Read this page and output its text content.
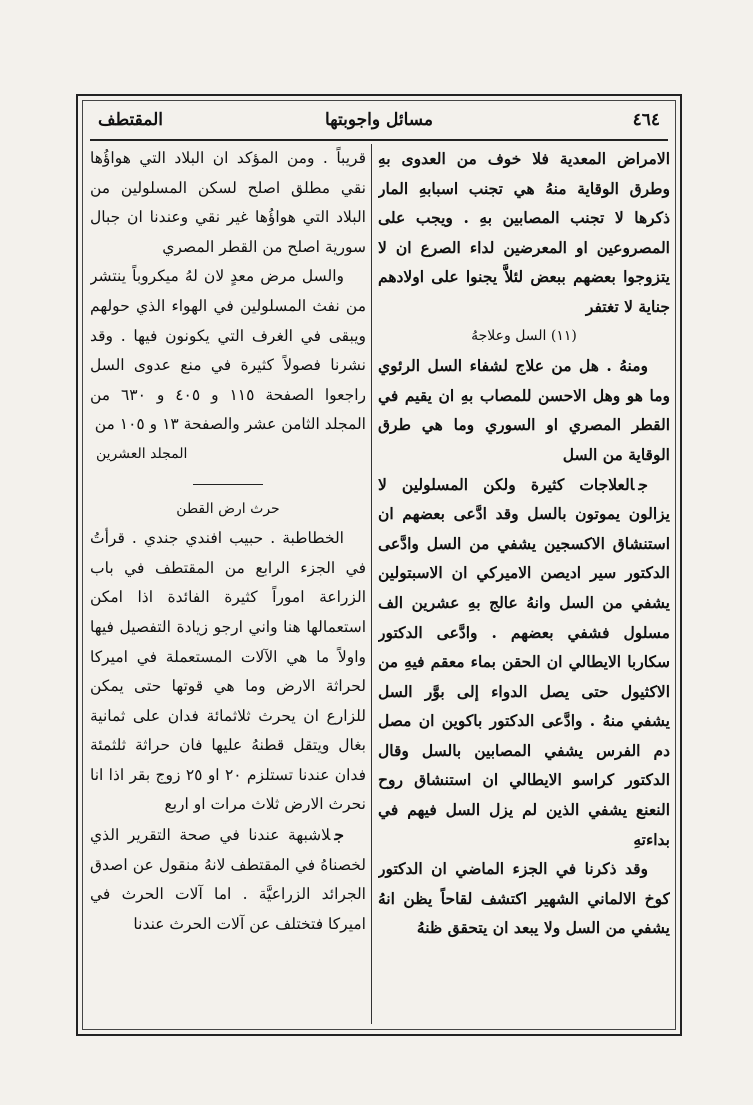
٤٦٤
مسائل واجوبتها
المقتطف

الامراض المعدية فلا خوف من العدوى بهِ وطرق الوقاية منهُ هي تجنب اسبابهِ المار ذكرها لا تجنب المصابين بهِ . ويجب على المصروعين او المعرضين لداء الصرع ان لا يتزوجوا بعضهم ببعض لئلاَّ يجنوا على اولادهم جناية لا تغتفر

(١١) السل وعلاجهُ

ومنهُ . هل من علاج لشفاء السل الرئوي وما هو وهل الاحسن للمصاب بهِ ان يقيم في القطر المصري او السوري وما هي طرق الوقاية من السل

جالعلاجات كثيرة ولكن المسلولين لا يزالون يموتون بالسل وقد ادَّعى بعضهم ان استنشاق الاكسجين يشفي من السل وادَّعى الدكتور سير اديصن الاميركي ان الاسبتولين يشفي من السل وانهُ عالج بهِ عشرين الف مسلول فشفي بعضهم . وادَّعى الدكتور سكاربا الايطالي ان الحقن بماء معقم فيهِ من الاكثيول حتى يصل الدواء إلى بوَّر السل يشفي منهُ . وادَّعى الدكتور باكوين ان مصل دم الفرس يشفي المصابين بالسل وقال الدكتور كراسو الايطالي ان استنشاق روح النعنع يشفي الذين لم يزل السل فيهم في بداءتهِ

وقد ذكرنا في الجزء الماضي ان الدكتور كوخ الالماني الشهير اكتشف لقاحاً يظن انهُ يشفي من السل ولا يبعد ان يتحقق ظنهُ

قريباً . ومن المؤكد ان البلاد التي هواؤُها نقي مطلق اصلح لسكن المسلولين من البلاد التي هواؤُها غير نقي وعندنا ان جبال سورية اصلح من القطر المصري

والسل مرض معدٍ لان لهُ ميكروباً ينتشر من نفث المسلولين في الهواء الذي حولهم ويبقى في الغرف التي يكونون فيها . وقد نشرنا فصولاً كثيرة في منع عدوى السل راجعوا الصفحة ١١٥ و ٤٠٥ و ٦٣٠ من المجلد الثامن عشر والصفحة ١٣ و ١٠٥ من

المجلد العشرين

حرث ارض القطن

الخطاطبة . حبيب افندي جندي . قرأتُ في الجزء الرابع من المقتطف في باب الزراعة اموراً كثيرة الفائدة اذا امكن استعمالها هنا واني ارجو زيادة التفصيل فيها واولاً ما هي الآلات المستعملة في اميركا لحراثة الارض وما هي قوتها حتى يمكن للزارع ان يحرث ثلاثمائة فدان على ثمانية بغال ويتقل قطنهُ عليها فان حراثة ثلثمئة فدان عندنا تستلزم ٢٠ او ٢٥ زوج بقر اذا انا نحرث الارض ثلاث مرات او اربع

جلاشبهة عندنا في صحة التقرير الذي لخصناهُ في المقتطف لانهُ منقول عن اصدق الجرائد الزراعيَّة . اما آلات الحرث في اميركا فتختلف عن آلات الحرث عندنا
